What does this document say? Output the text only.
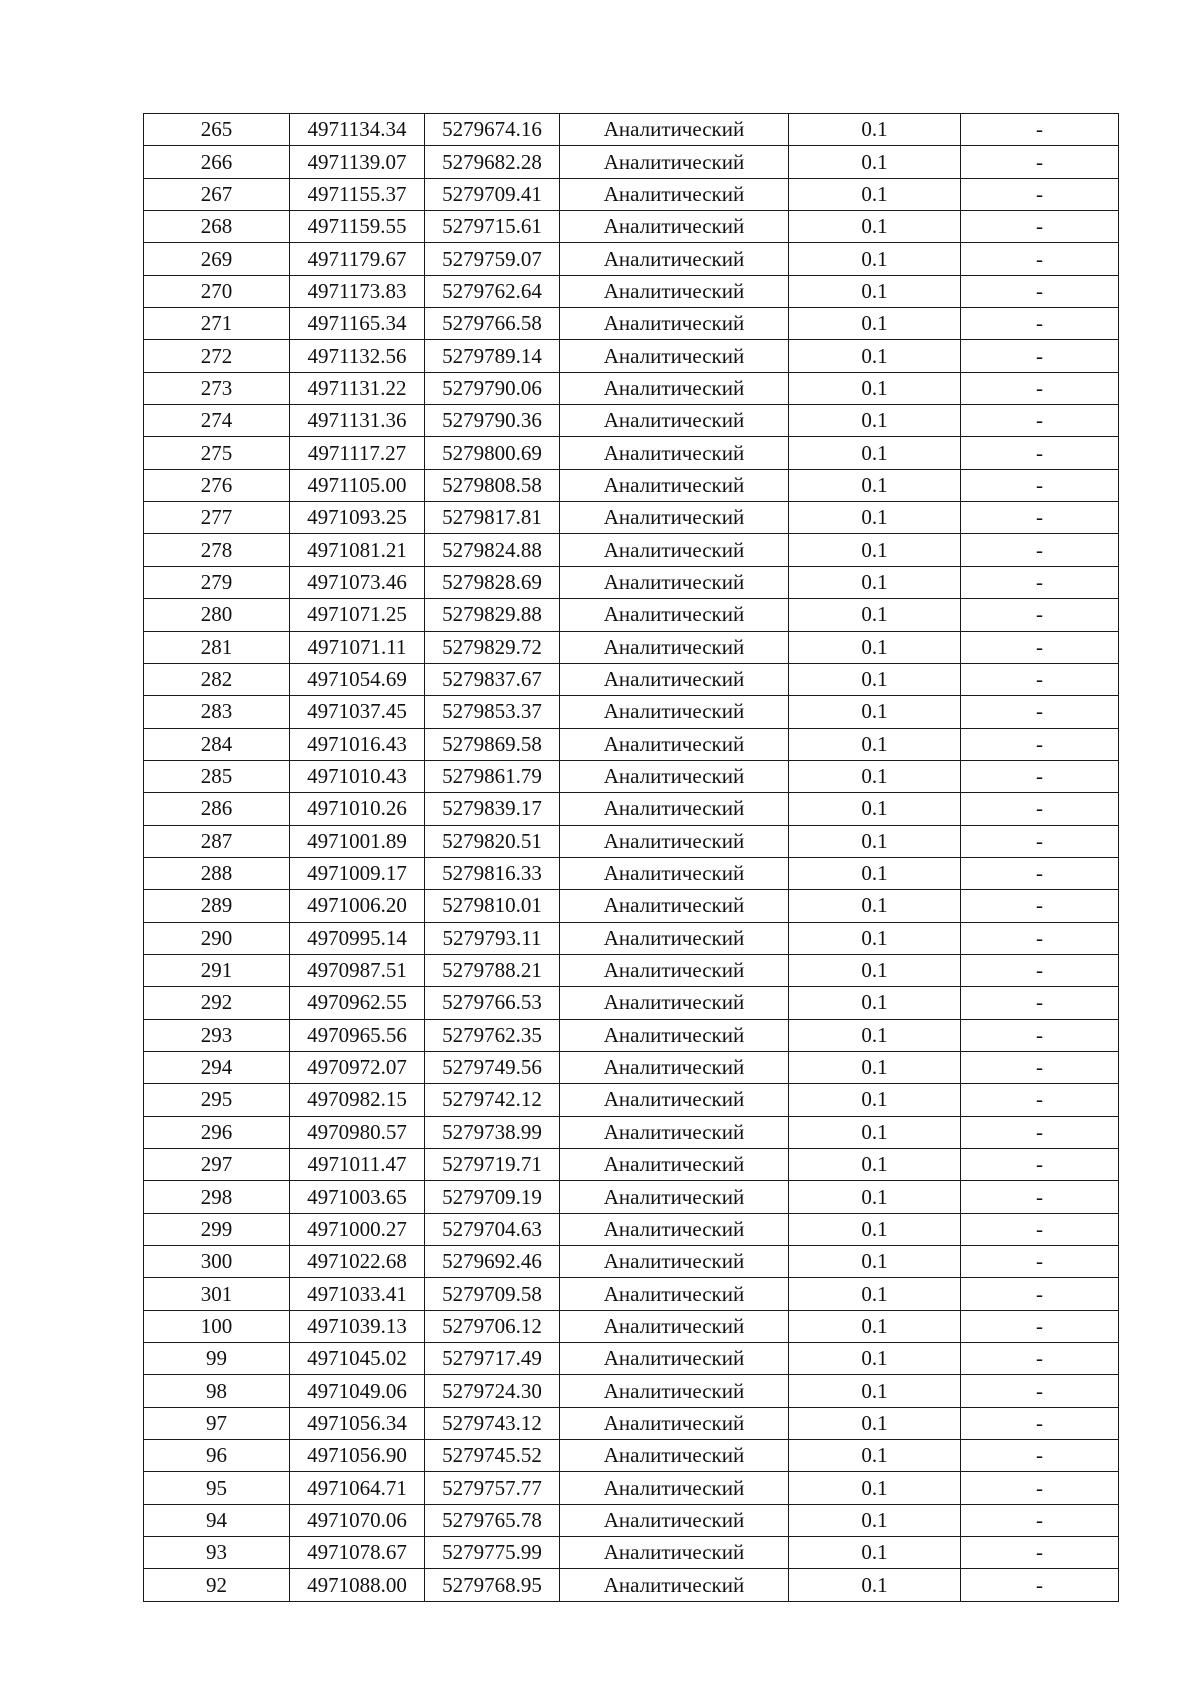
265	4971134.34	5279674.16	Аналитический	0.1	-
266	4971139.07	5279682.28	Аналитический	0.1	-
267	4971155.37	5279709.41	Аналитический	0.1	-
268	4971159.55	5279715.61	Аналитический	0.1	-
269	4971179.67	5279759.07	Аналитический	0.1	-
270	4971173.83	5279762.64	Аналитический	0.1	-
271	4971165.34	5279766.58	Аналитический	0.1	-
272	4971132.56	5279789.14	Аналитический	0.1	-
273	4971131.22	5279790.06	Аналитический	0.1	-
274	4971131.36	5279790.36	Аналитический	0.1	-
275	4971117.27	5279800.69	Аналитический	0.1	-
276	4971105.00	5279808.58	Аналитический	0.1	-
277	4971093.25	5279817.81	Аналитический	0.1	-
278	4971081.21	5279824.88	Аналитический	0.1	-
279	4971073.46	5279828.69	Аналитический	0.1	-
280	4971071.25	5279829.88	Аналитический	0.1	-
281	4971071.11	5279829.72	Аналитический	0.1	-
282	4971054.69	5279837.67	Аналитический	0.1	-
283	4971037.45	5279853.37	Аналитический	0.1	-
284	4971016.43	5279869.58	Аналитический	0.1	-
285	4971010.43	5279861.79	Аналитический	0.1	-
286	4971010.26	5279839.17	Аналитический	0.1	-
287	4971001.89	5279820.51	Аналитический	0.1	-
288	4971009.17	5279816.33	Аналитический	0.1	-
289	4971006.20	5279810.01	Аналитический	0.1	-
290	4970995.14	5279793.11	Аналитический	0.1	-
291	4970987.51	5279788.21	Аналитический	0.1	-
292	4970962.55	5279766.53	Аналитический	0.1	-
293	4970965.56	5279762.35	Аналитический	0.1	-
294	4970972.07	5279749.56	Аналитический	0.1	-
295	4970982.15	5279742.12	Аналитический	0.1	-
296	4970980.57	5279738.99	Аналитический	0.1	-
297	4971011.47	5279719.71	Аналитический	0.1	-
298	4971003.65	5279709.19	Аналитический	0.1	-
299	4971000.27	5279704.63	Аналитический	0.1	-
300	4971022.68	5279692.46	Аналитический	0.1	-
301	4971033.41	5279709.58	Аналитический	0.1	-
100	4971039.13	5279706.12	Аналитический	0.1	-
99	4971045.02	5279717.49	Аналитический	0.1	-
98	4971049.06	5279724.30	Аналитический	0.1	-
97	4971056.34	5279743.12	Аналитический	0.1	-
96	4971056.90	5279745.52	Аналитический	0.1	-
95	4971064.71	5279757.77	Аналитический	0.1	-
94	4971070.06	5279765.78	Аналитический	0.1	-
93	4971078.67	5279775.99	Аналитический	0.1	-
92	4971088.00	5279768.95	Аналитический	0.1	-
